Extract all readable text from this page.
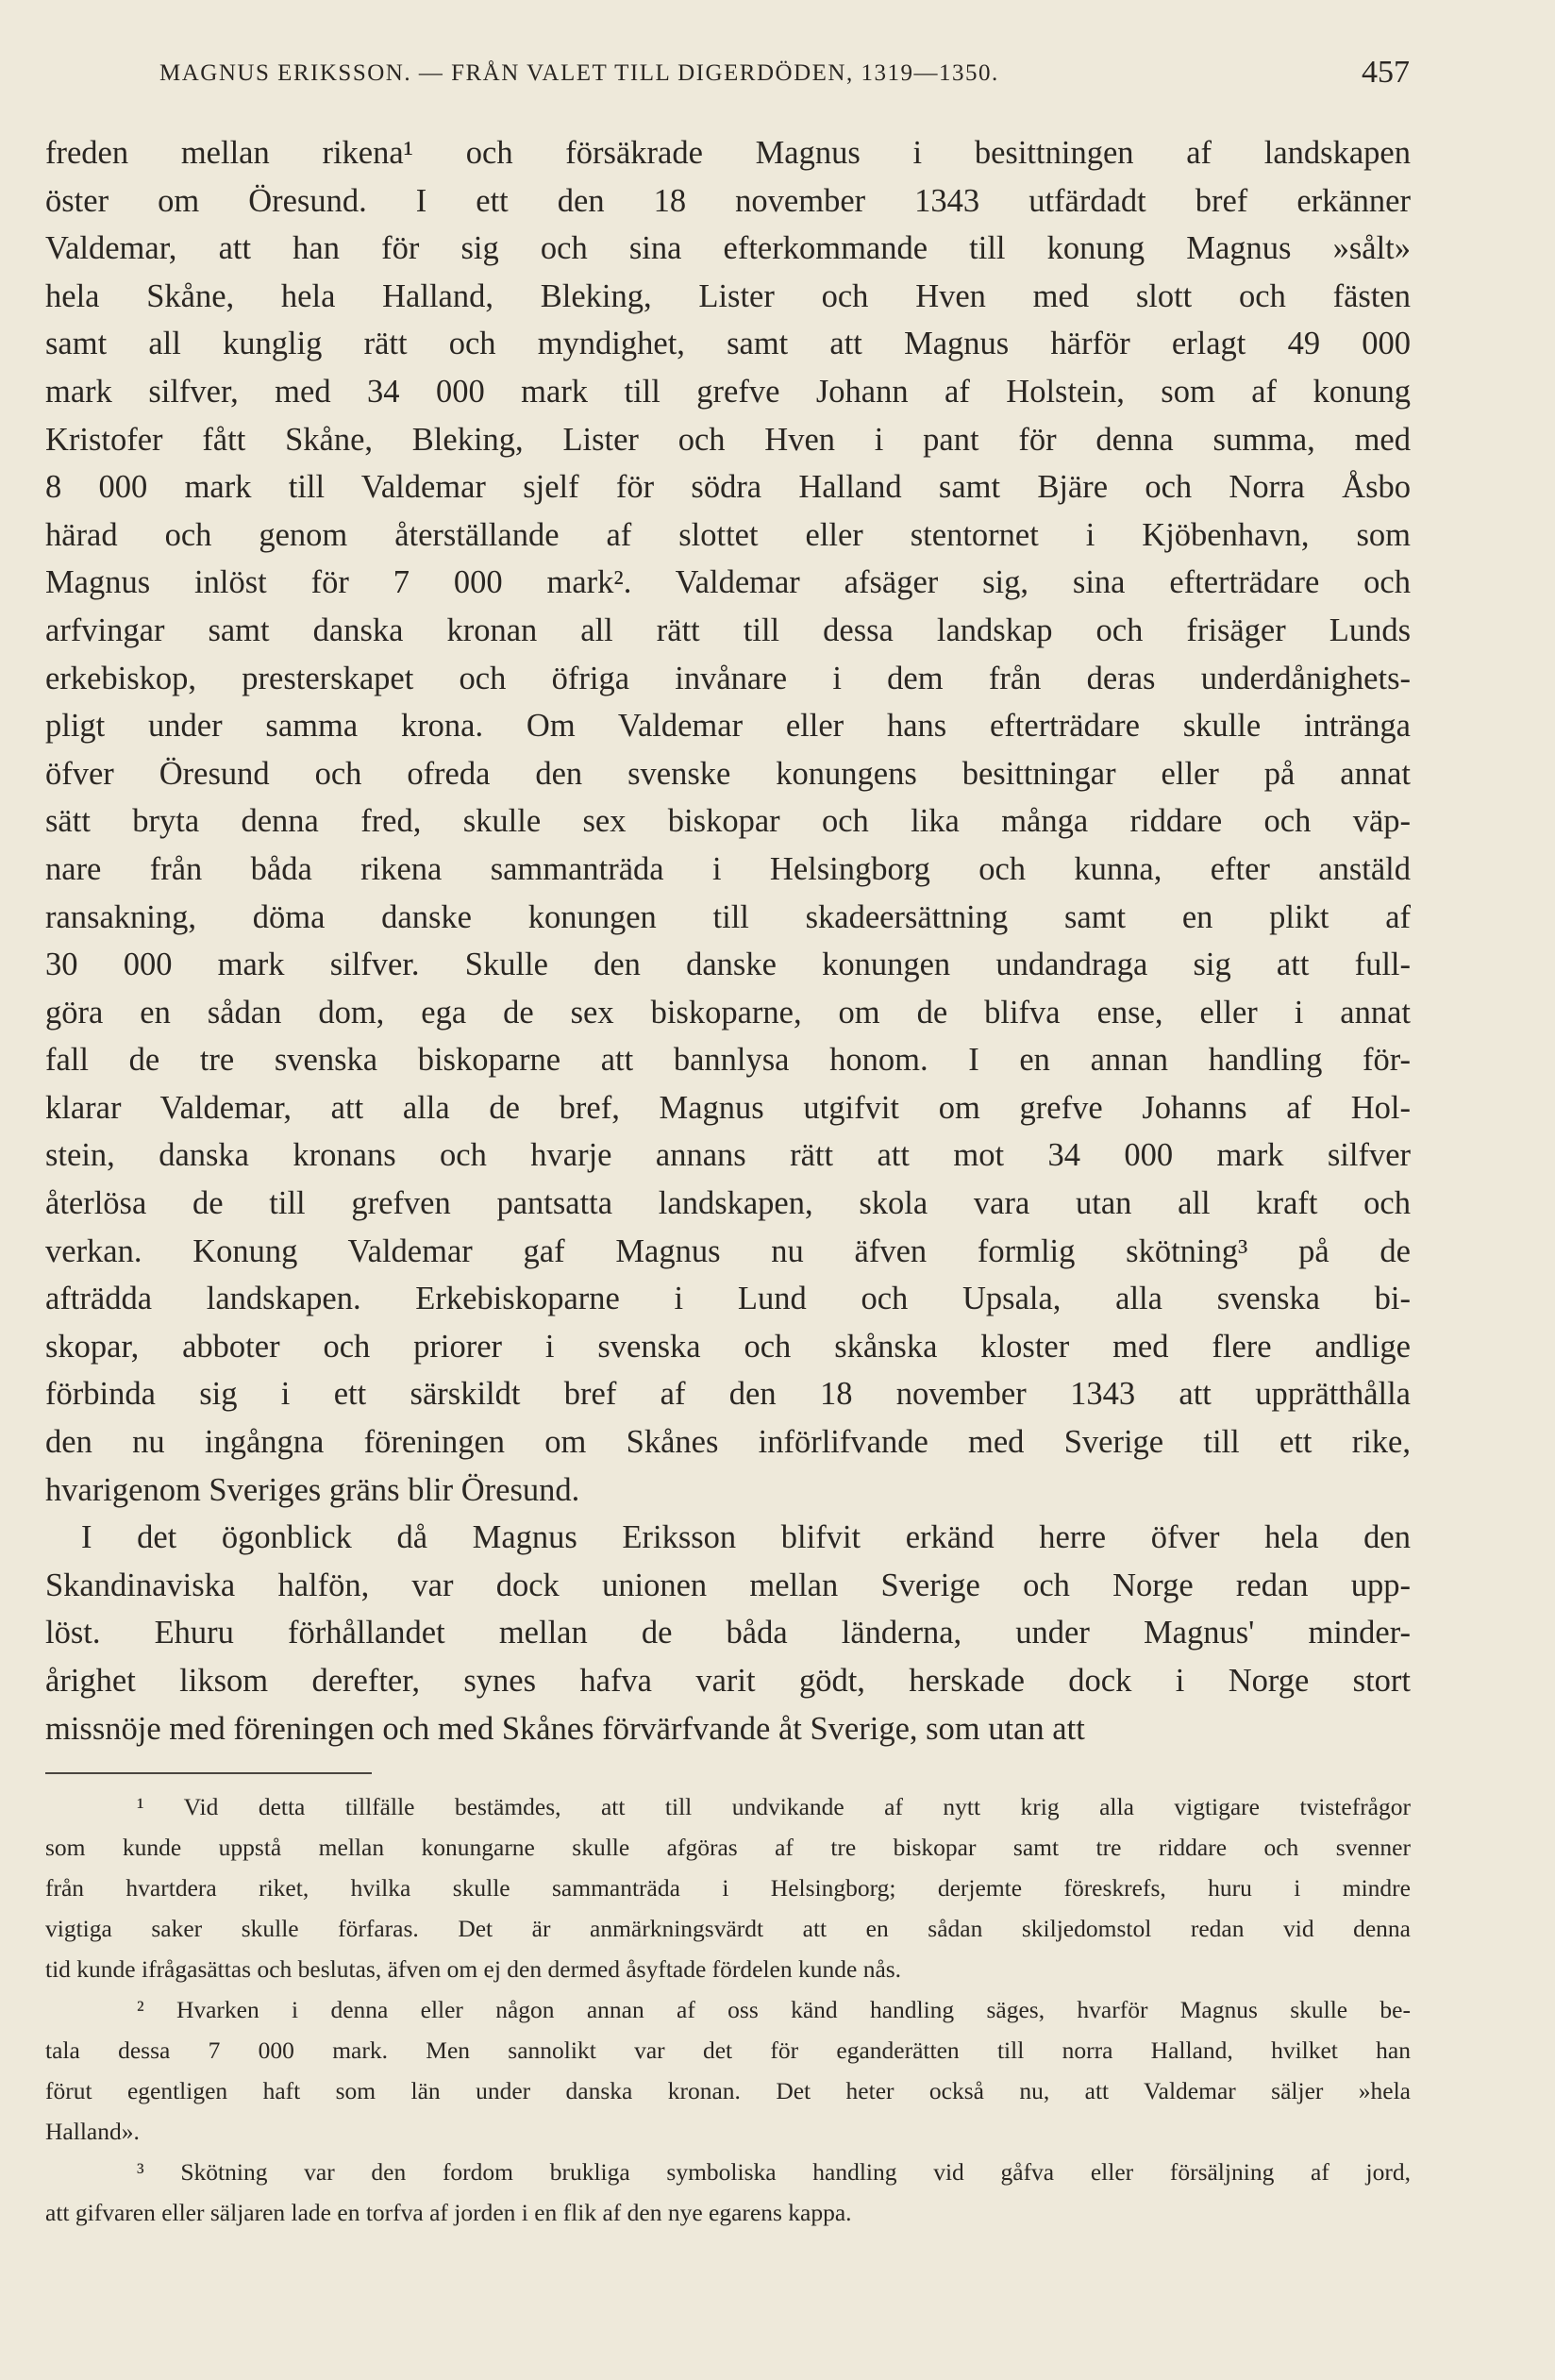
MAGNUS ERIKSSON. — FRÅN VALET TILL DIGERDÖDEN, 1319—1350.	457
freden mellan rikena¹ och försäkrade Magnus i besittningen af landskapen
öster om Öresund. I ett den 18 november 1343 utfärdadt bref erkänner
Valdemar, att han för sig och sina efterkommande till konung Magnus »sålt»
hela Skåne, hela Halland, Bleking, Lister och Hven med slott och fästen
samt all kunglig rätt och myndighet, samt att Magnus härför erlagt 49 000
mark silfver, med 34 000 mark till grefve Johann af Holstein, som af konung
Kristofer fått Skåne, Bleking, Lister och Hven i pant för denna summa, med
8 000 mark till Valdemar sjelf för södra Halland samt Bjäre och Norra Åsbo
härad och genom återställande af slottet eller stentornet i Kjöbenhavn, som
Magnus inlöst för 7 000 mark². Valdemar afsäger sig, sina efterträdare och
arfvingar samt danska kronan all rätt till dessa landskap och frisäger Lunds
erkebiskop, presterskapet och öfriga invånare i dem från deras underdånighets-
pligt under samma krona. Om Valdemar eller hans efterträdare skulle intränga
öfver Öresund och ofreda den svenske konungens besittningar eller på annat
sätt bryta denna fred, skulle sex biskopar och lika många riddare och väp-
nare från båda rikena sammanträda i Helsingborg och kunna, efter anstäld
ransakning, döma danske konungen till skadeersättning samt en plikt af
30 000 mark silfver. Skulle den danske konungen undandraga sig att full-
göra en sådan dom, ega de sex biskoparne, om de blifva ense, eller i annat
fall de tre svenska biskoparne att bannlysa honom. I en annan handling för-
klarar Valdemar, att alla de bref, Magnus utgifvit om grefve Johanns af Hol-
stein, danska kronans och hvarje annans rätt att mot 34 000 mark silfver
återlösa de till grefven pantsatta landskapen, skola vara utan all kraft och
verkan. Konung Valdemar gaf Magnus nu äfven formlig skötning³ på de
afträdda landskapen. Erkebiskoparne i Lund och Upsala, alla svenska bi-
skopar, abboter och priorer i svenska och skånska kloster med flere andlige
förbinda sig i ett särskildt bref af den 18 november 1343 att upprätthålla
den nu ingångna föreningen om Skånes införlifvande med Sverige till ett rike,
hvarigenom Sveriges gräns blir Öresund.
I det ögonblick då Magnus Eriksson blifvit erkänd herre öfver hela den
Skandinaviska halfön, var dock unionen mellan Sverige och Norge redan upp-
löst. Ehuru förhållandet mellan de båda länderna, under Magnus' minder-
årighet liksom derefter, synes hafva varit gödt, herskade dock i Norge stort
missnöje med föreningen och med Skånes förvärfvande åt Sverige, som utan att
¹ Vid detta tillfälle bestämdes, att till undvikande af nytt krig alla vigtigare tvistefrågor
som kunde uppstå mellan konungarne skulle afgöras af tre biskopar samt tre riddare och svenner
från hvartdera riket, hvilka skulle sammanträda i Helsingborg; derjemte föreskrefs, huru i mindre
vigtiga saker skulle förfaras. Det är anmärkningsvärdt att en sådan skiljedomstol redan vid denna
tid kunde ifrågasättas och beslutas, äfven om ej den dermed åsyftade fördelen kunde nås.
² Hvarken i denna eller någon annan af oss känd handling säges, hvarför Magnus skulle be-
tala dessa 7 000 mark. Men sannolikt var det för eganderätten till norra Halland, hvilket han
förut egentligen haft som län under danska kronan. Det heter också nu, att Valdemar säljer »hela
Halland».
³ Skötning var den fordom brukliga symboliska handling vid gåfva eller försäljning af jord,
att gifvaren eller säljaren lade en torfva af jorden i en flik af den nye egarens kappa.
